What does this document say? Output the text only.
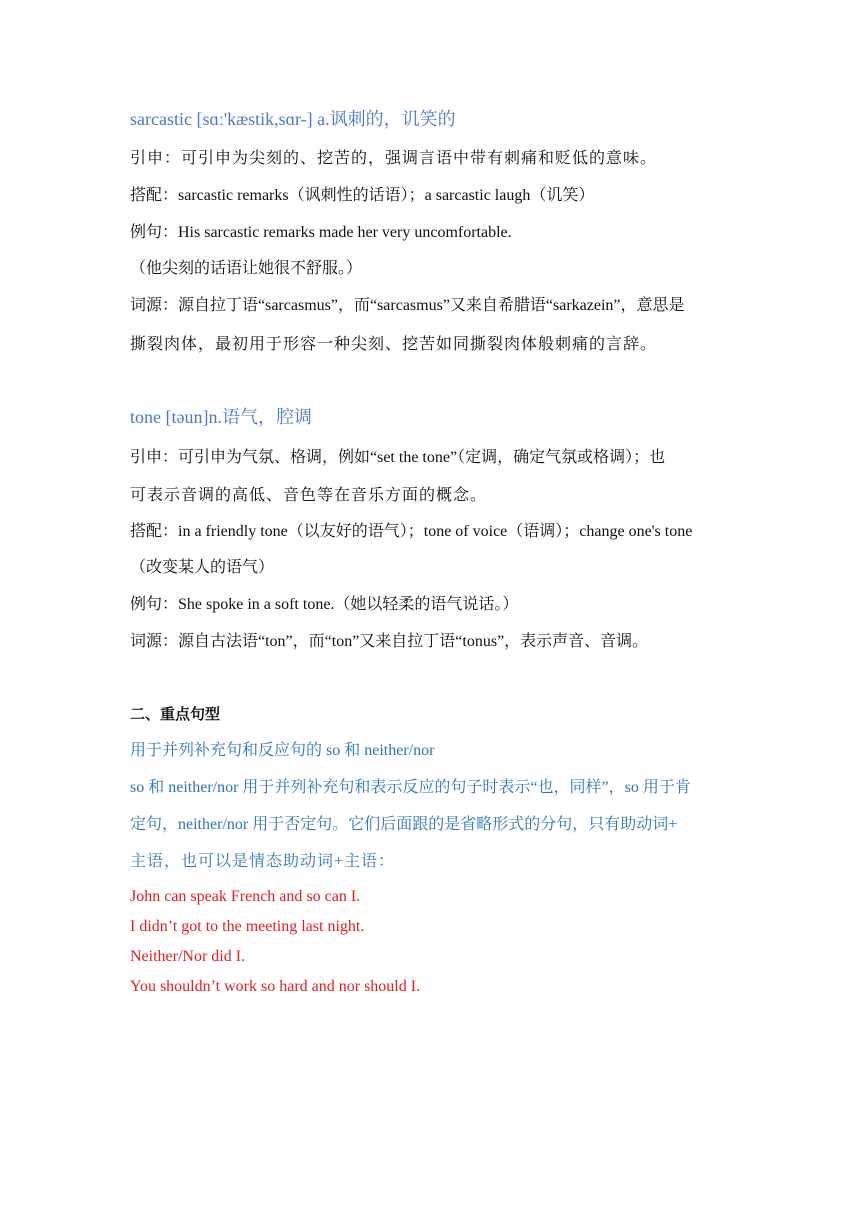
sarcastic [sɑː'kæstik,sɑr-] a.讽刺的，讥笑的
引申：可引申为尖刻的、挖苦的，强调言语中带有刺痛和贬低的意味。
搭配：sarcastic remarks（讽刺性的话语）；a sarcastic laugh（讥笑）
例句：His sarcastic remarks made her very uncomfortable.
（他尖刻的话语让她很不舒服。）
词源：源自拉丁语“sarcasmus”，而“sarcasmus”又来自希腊语“sarkazein”，意思是
撕裂肉体，最初用于形容一种尖刻、挖苦如同撕裂肉体般刺痛的言辞。
tone [təun]n.语气，腔调
引申：可引申为气氛、格调，例如“set the tone”（定调，确定气氛或格调）；也
可表示音调的高低、音色等在音乐方面的概念。
搭配：in a friendly tone（以友好的语气）；tone of voice（语调）；change one's tone
（改变某人的语气）
例句：She spoke in a soft tone.（她以轻柔的语气说话。）
词源：源自古法语“ton”，而“ton”又来自拉丁语“tonus”，表示声音、音调。
二、重点句型
用于并列补充句和反应句的 so 和 neither/nor
so 和 neither/nor 用于并列补充句和表示反应的句子时表示“也，同样”，so 用于肯
定句，neither/nor 用于否定句。它们后面跟的是省略形式的分句，只有助动词+
主语，也可以是情态助动词+主语：
John can speak French and so can I.
I didn’t got to the meeting last night.
Neither/Nor did I.
You shouldn’t work so hard and nor should I.
